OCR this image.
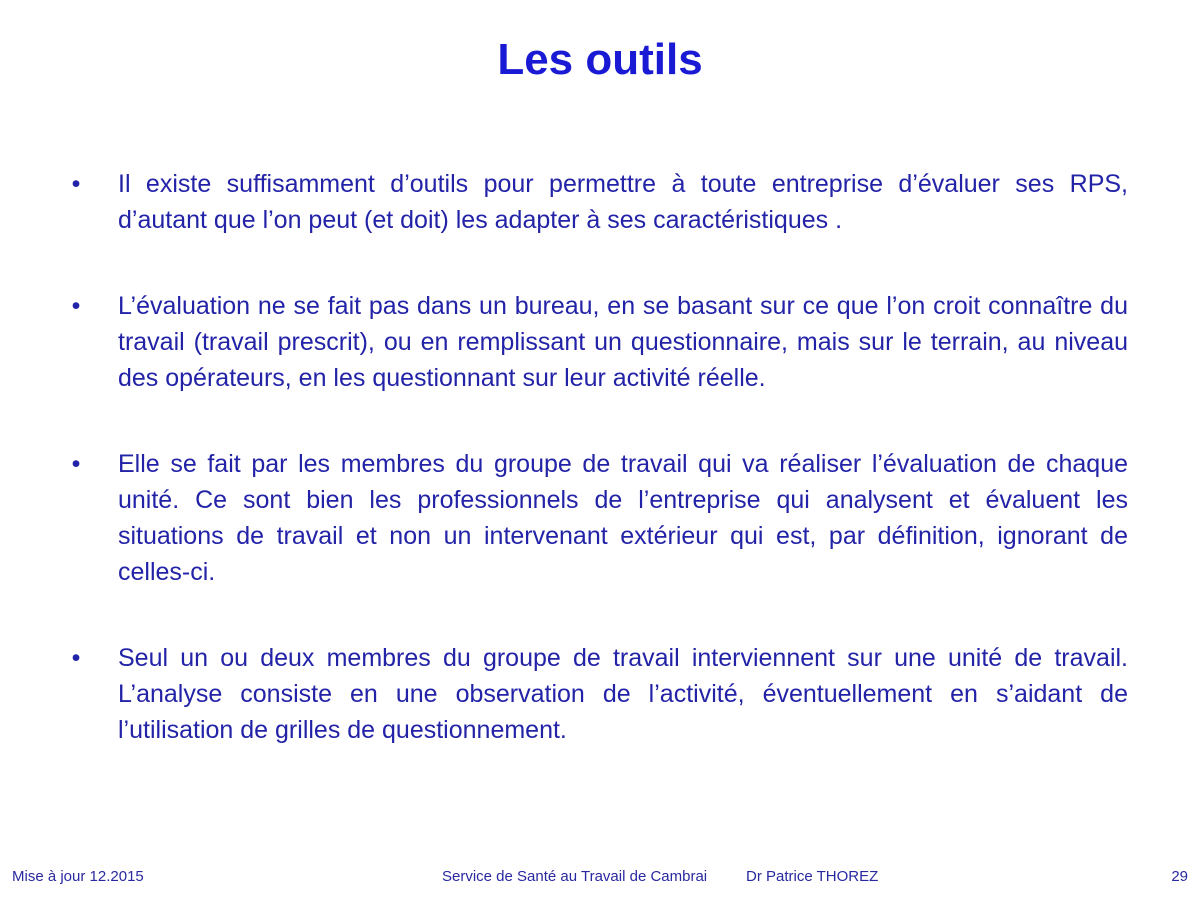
Les outils
• Il existe suffisamment d’outils pour permettre à toute entreprise d’évaluer ses RPS, d’autant que l’on peut (et doit) les adapter à ses caractéristiques .
• L’évaluation ne se fait pas dans un bureau, en se basant sur ce que l’on croit connaître du travail (travail prescrit), ou en remplissant un questionnaire, mais sur le terrain, au niveau des opérateurs, en les questionnant sur leur activité réelle.
• Elle se fait par les membres du groupe de travail qui va réaliser l’évaluation de chaque unité. Ce sont bien les professionnels de l’entreprise qui analysent et évaluent les situations de travail et non un intervenant extérieur qui est, par définition, ignorant de celles-ci.
• Seul un ou deux membres du groupe de travail interviennent sur une unité de travail. L’analyse consiste en une observation de l’activité, éventuellement en s’aidant de l’utilisation de grilles de questionnement.
Mise à jour 12.2015	Service de Santé au Travail de Cambrai	Dr Patrice THOREZ	29
